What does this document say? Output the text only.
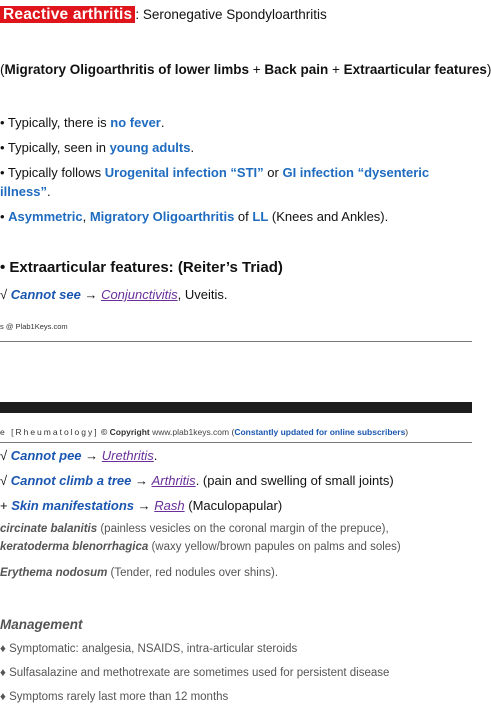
Reactive arthritis : Seronegative Spondyloarthritis
(Migratory Oligoarthritis of lower limbs + Back pain + Extraarticular features)
• Typically, there is no fever.
• Typically, seen in young adults.
• Typically follows Urogenital infection “STI” or GI infection “dysenteric
illness”.
• Asymmetric, Migratory Oligoarthritis of LL (Knees and Ankles).
• Extraarticular features: (Reiter’s Triad)
√ Cannot see → Conjunctivitis, Uveitis.
s @ Plab1Keys.com
e [Rheumatology] © Copyright www.plab1keys.com (Constantly updated for online subscribers)
√ Cannot pee → Urethritis.
√ Cannot climb a tree → Arthritis. (pain and swelling of small joints)
+ Skin manifestations → Rash (Maculopapular)
circinate balanitis (painless vesicles on the coronal margin of the prepuce),
keratoderma blenorrhagica (waxy yellow/brown papules on palms and soles)
Erythema nodosum (Tender, red nodules over shins).
Management
♦ Symptomatic: analgesia, NSAIDS, intra-articular steroids
♦ Sulfasalazine and methotrexate are sometimes used for persistent disease
♦ Symptoms rarely last more than 12 months
